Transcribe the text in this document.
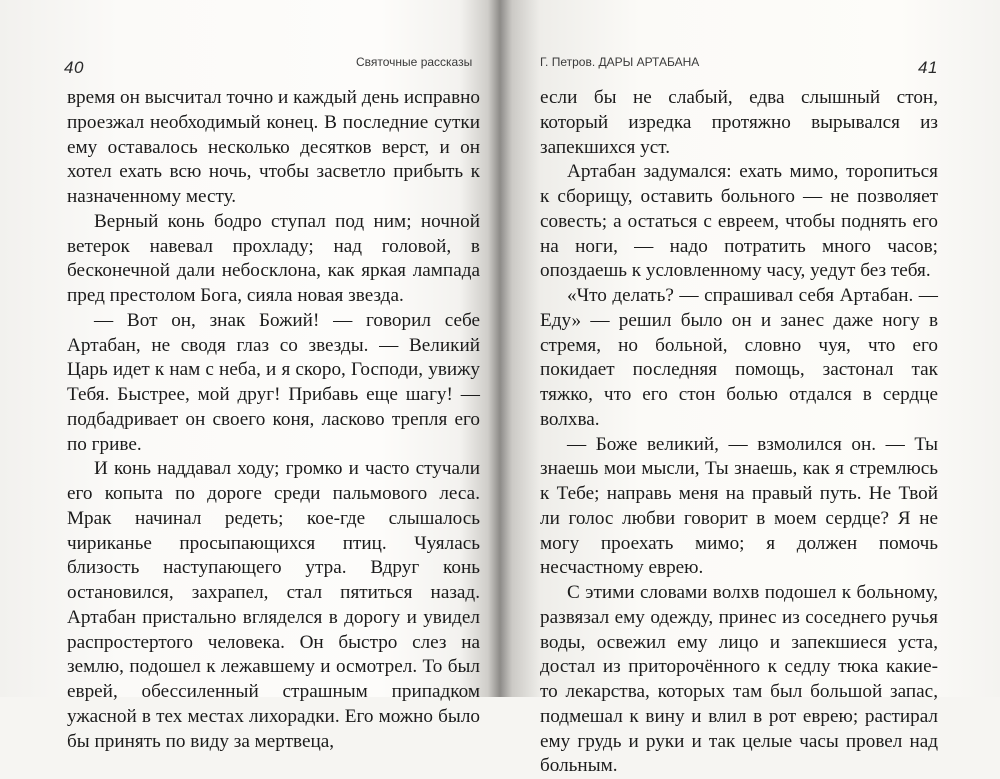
40	Святочные рассказы

время он высчитал точно и каждый день исправно проезжал необходимый конец. В последние сутки ему оставалось несколько десятков верст, и он хотел ехать всю ночь, чтобы засветло прибыть к назначенному месту.

Верный конь бодро ступал под ним; ночной ветерок навевал прохладу; над головой, в бесконечной дали небосклона, как яркая лампада пред престолом Бога, сияла новая звезда.

— Вот он, знак Божий! — говорил себе Артабан, не сводя глаз со звезды. — Великий Царь идет к нам с неба, и я скоро, Господи, увижу Тебя. Быстрее, мой друг! Прибавь еще шагу! — подбадривает он своего коня, ласково трепля его по гриве.

И конь наддавал ходу; громко и часто стучали его копыта по дороге среди пальмового леса. Мрак начинал редеть; кое-где слышалось чириканье просыпающихся птиц. Чуялась близость наступающего утра. Вдруг конь остановился, захрапел, стал пятиться назад. Артабан пристально вгляделся в дорогу и увидел распростертого человека. Он быстро слез на землю, подошел к лежавшему и осмотрел. То был еврей, обессиленный страшным припадком ужасной в тех местах лихорадки. Его можно было бы принять по виду за мертвеца,

Г. Петров. ДАРЫ АРТАБАНА	41

если бы не слабый, едва слышный стон, который изредка протяжно вырывался из запекшихся уст.

Артабан задумался: ехать мимо, торопиться к сборищу, оставить больного — не позволяет совесть; а остаться с евреем, чтобы поднять его на ноги, — надо потратить много часов; опоздаешь к условленному часу, уедут без тебя.

«Что делать? — спрашивал себя Артабан. — Еду» — решил было он и занес даже ногу в стремя, но больной, словно чуя, что его покидает последняя помощь, застонал так тяжко, что его стон болью отдался в сердце волхва.

— Боже великий, — взмолился он. — Ты знаешь мои мысли, Ты знаешь, как я стремлюсь к Тебе; направь меня на правый путь. Не Твой ли голос любви говорит в моем сердце? Я не могу проехать мимо; я должен помочь несчастному еврею.

С этими словами волхв подошел к больному, развязал ему одежду, принес из соседнего ручья воды, освежил ему лицо и запекшиеся уста, достал из приторочённого к седлу тюка какие-то лекарства, которых там был большой запас, подмешал к вину и влил в рот еврею; растирал ему грудь и руки и так целые часы провел над больным.
